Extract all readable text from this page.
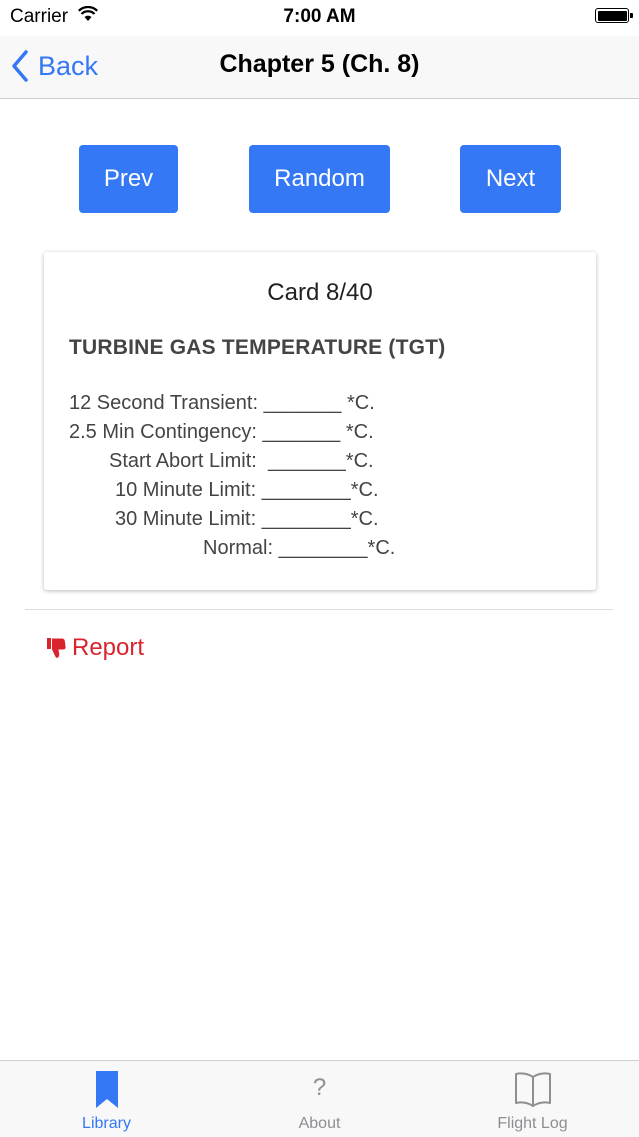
Carrier	7:00 AM
Back	Chapter 5 (Ch. 8)
Prev	Random	Next
Card 8/40
TURBINE GAS TEMPERATURE (TGT)
12 Second Transient: _______ *C.
2.5 Min Contingency: _______ *C.
Start Abort Limit:  _______*C.
10 Minute Limit: ________*C.
30 Minute Limit: ________*C.
Normal: ________*C.
Report
Library
?
About	Flight Log
